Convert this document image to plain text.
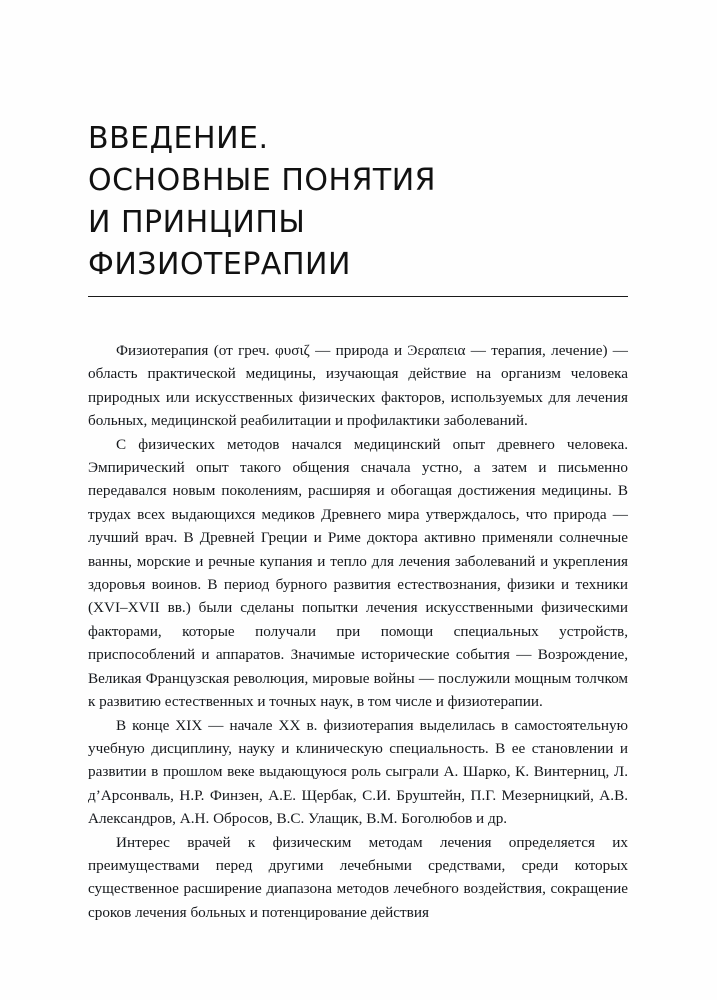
ВВЕДЕНИЕ.
ОСНОВНЫЕ ПОНЯТИЯ
И ПРИНЦИПЫ
ФИЗИОТЕРАПИИ

Физиотерапия (от греч. φυσιζ — природа и Ͽεραπεια — терапия, лечение) — область практической медицины, изучающая действие на организм человека природных или искусственных физических факторов, используемых для лечения больных, медицинской реабилитации и профилактики заболеваний.

С физических методов начался медицинский опыт древнего человека. Эмпирический опыт такого общения сначала устно, а затем и письменно передавался новым поколениям, расширяя и обогащая достижения медицины. В трудах всех выдающихся медиков Древнего мира утверждалось, что природа — лучший врач. В Древней Греции и Риме доктора активно применяли солнечные ванны, морские и речные купания и тепло для лечения заболеваний и укрепления здоровья воинов. В период бурного развития естествознания, физики и техники (XVI–XVII вв.) были сделаны попытки лечения искусственными физическими факторами, которые получали при помощи специальных устройств, приспособлений и аппаратов. Значимые исторические события — Возрождение, Великая Французская революция, мировые войны — послужили мощным толчком к развитию естественных и точных наук, в том числе и физиотерапии.

В конце XIX — начале XX в. физиотерапия выделилась в самостоятельную учебную дисциплину, науку и клиническую специальность. В ее становлении и развитии в прошлом веке выдающуюся роль сыграли А. Шарко, К. Винтерниц, Л. д’Арсонваль, Н.Р. Финзен, А.Е. Щербак, С.И. Бруштейн, П.Г. Мезерницкий, А.В. Александров, А.Н. Обросов, В.С. Улащик, В.М. Боголюбов и др.

Интерес врачей к физическим методам лечения определяется их преимуществами перед другими лечебными средствами, среди которых существенное расширение диапазона методов лечебного воздействия, сокращение сроков лечения больных и потенцирование действия
